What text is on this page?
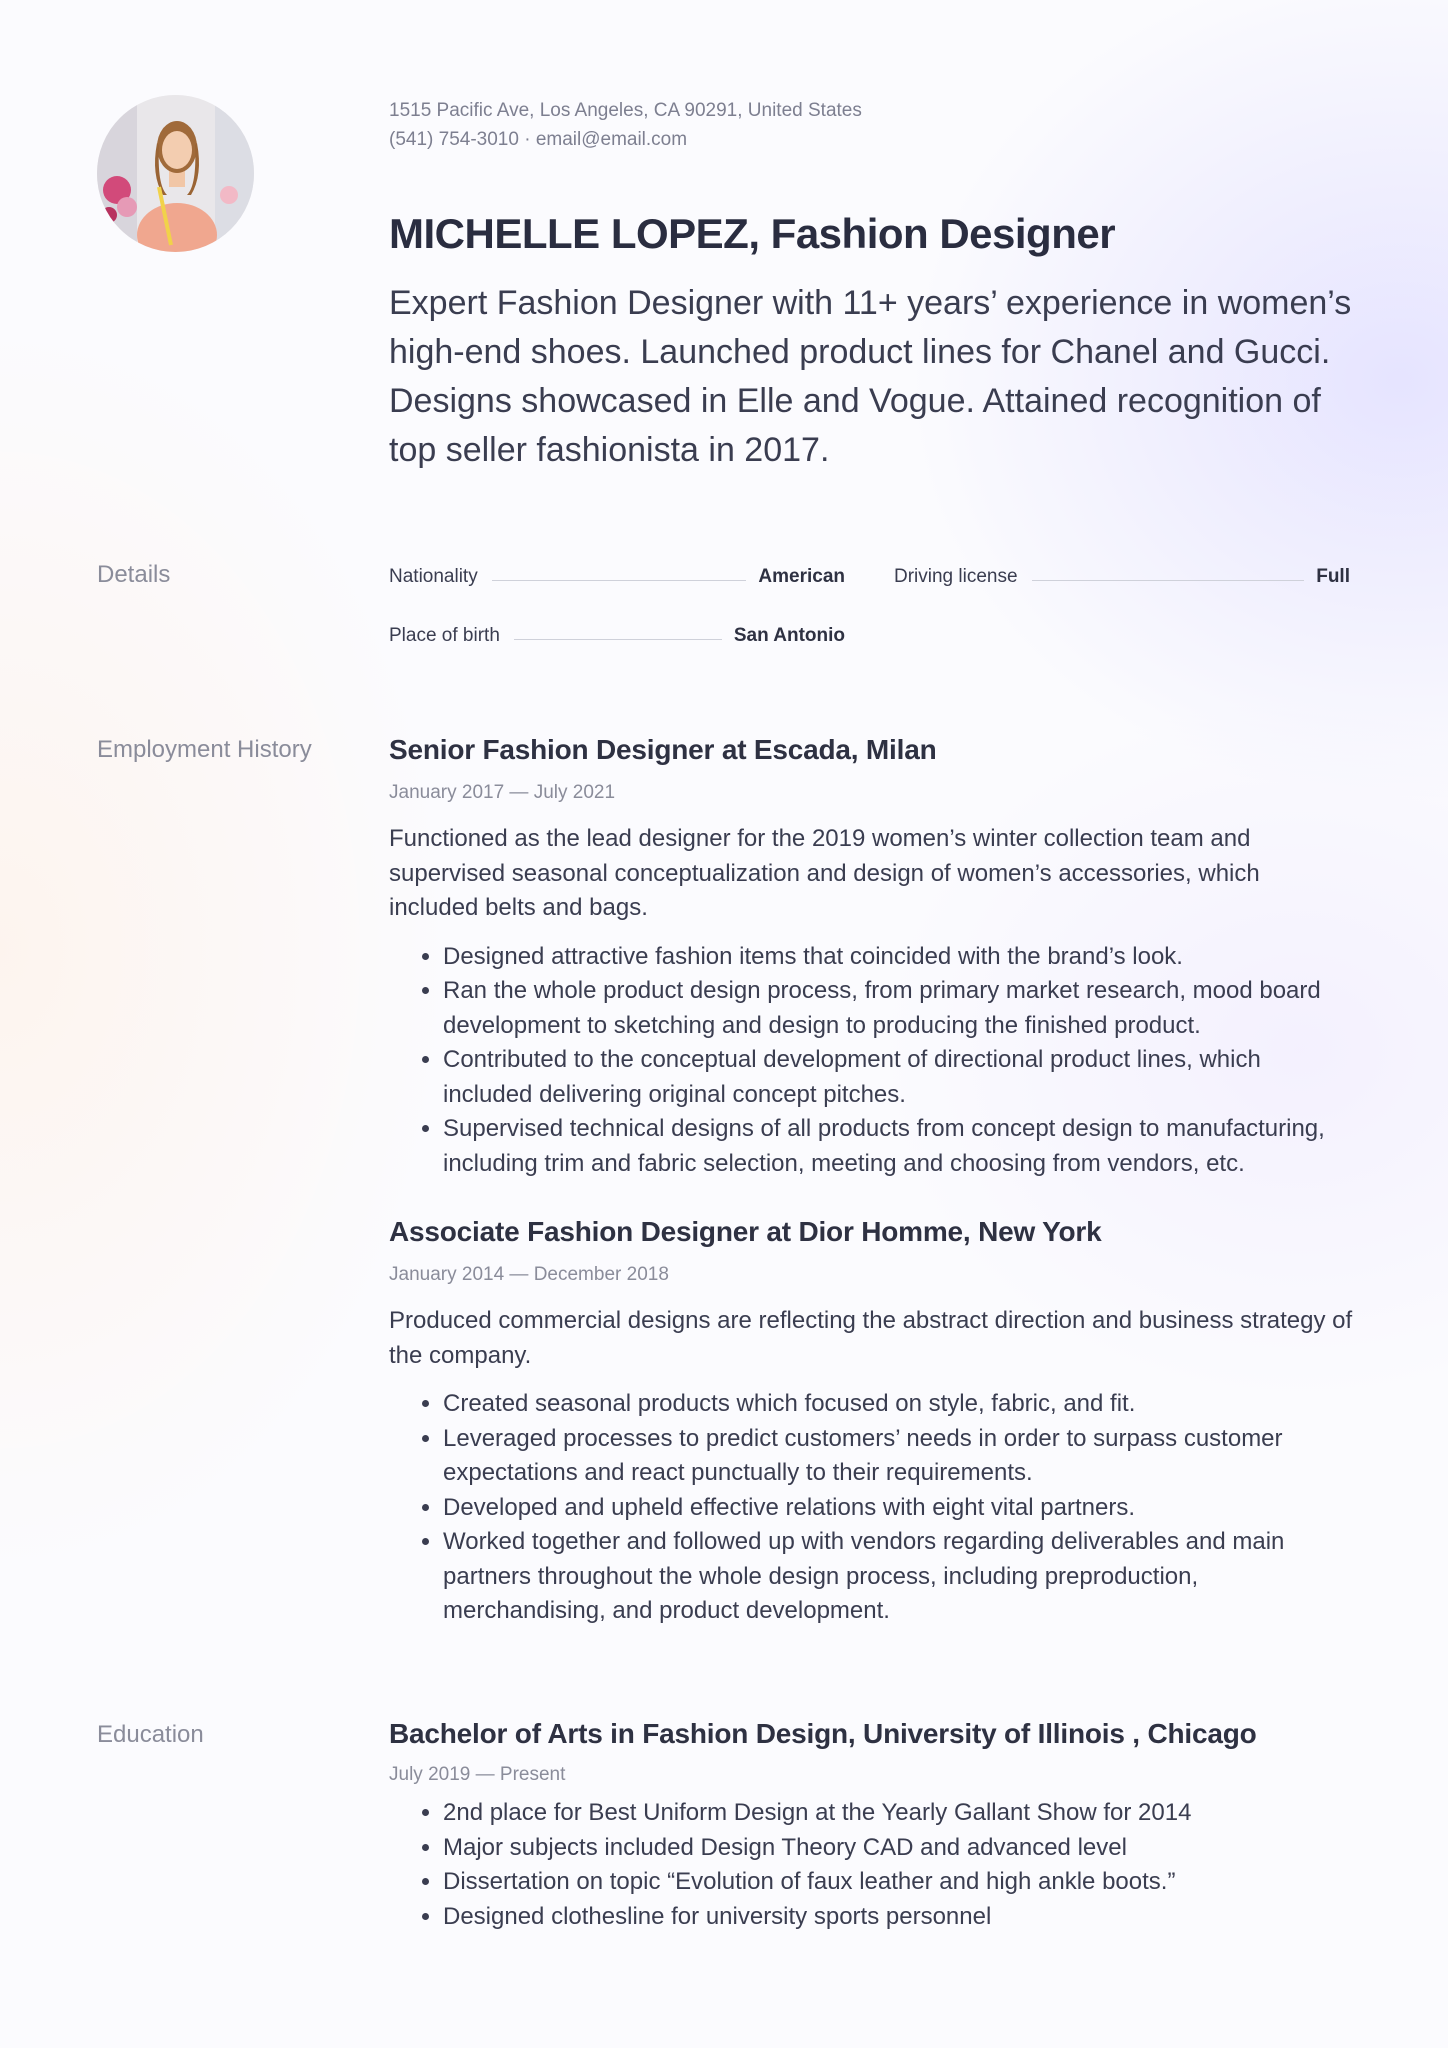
1515 Pacific Ave, Los Angeles, CA 90291, United States
(541) 754-3010 · email@email.com
MICHELLE LOPEZ, Fashion Designer

Expert Fashion Designer with 11+ years’ experience in women’s high-end shoes. Launched product lines for Chanel and Gucci. Designs showcased in Elle and Vogue. Attained recognition of top seller fashionista in 2017.

Details	Nationality	American	Driving license	Full
Place of birth	San Antonio
Employment History	Senior Fashion Designer at Escada, Milan

January 2017 — July 2021

Functioned as the lead designer for the 2019 women’s winter collection team and supervised seasonal conceptualization and design of women’s accessories, which included belts and bags.

• Designed attractive fashion items that coincided with the brand’s look.
• Ran the whole product design process, from primary market research, mood board development to sketching and design to producing the finished product.
• Contributed to the conceptual development of directional product lines, which included delivering original concept pitches.
• Supervised technical designs of all products from concept design to manufacturing, including trim and fabric selection, meeting and choosing from vendors, etc.
Associate Fashion Designer at Dior Homme, New York

January 2014 — December 2018

Produced commercial designs are reflecting the abstract direction and business strategy of the company.

• Created seasonal products which focused on style, fabric, and fit.
• Leveraged processes to predict customers’ needs in order to surpass customer expectations and react punctually to their requirements.
• Developed and upheld effective relations with eight vital partners.
• Worked together and followed up with vendors regarding deliverables and main partners throughout the whole design process, including preproduction, merchandising, and product development.
Education	Bachelor of Arts in Fashion Design, University of Illinois , Chicago

July 2019 — Present

• 2nd place for Best Uniform Design at the Yearly Gallant Show for 2014
• Major subjects included Design Theory CAD and advanced level
• Dissertation on topic “Evolution of faux leather and high ankle boots.”
• Designed clothesline for university sports personnel
